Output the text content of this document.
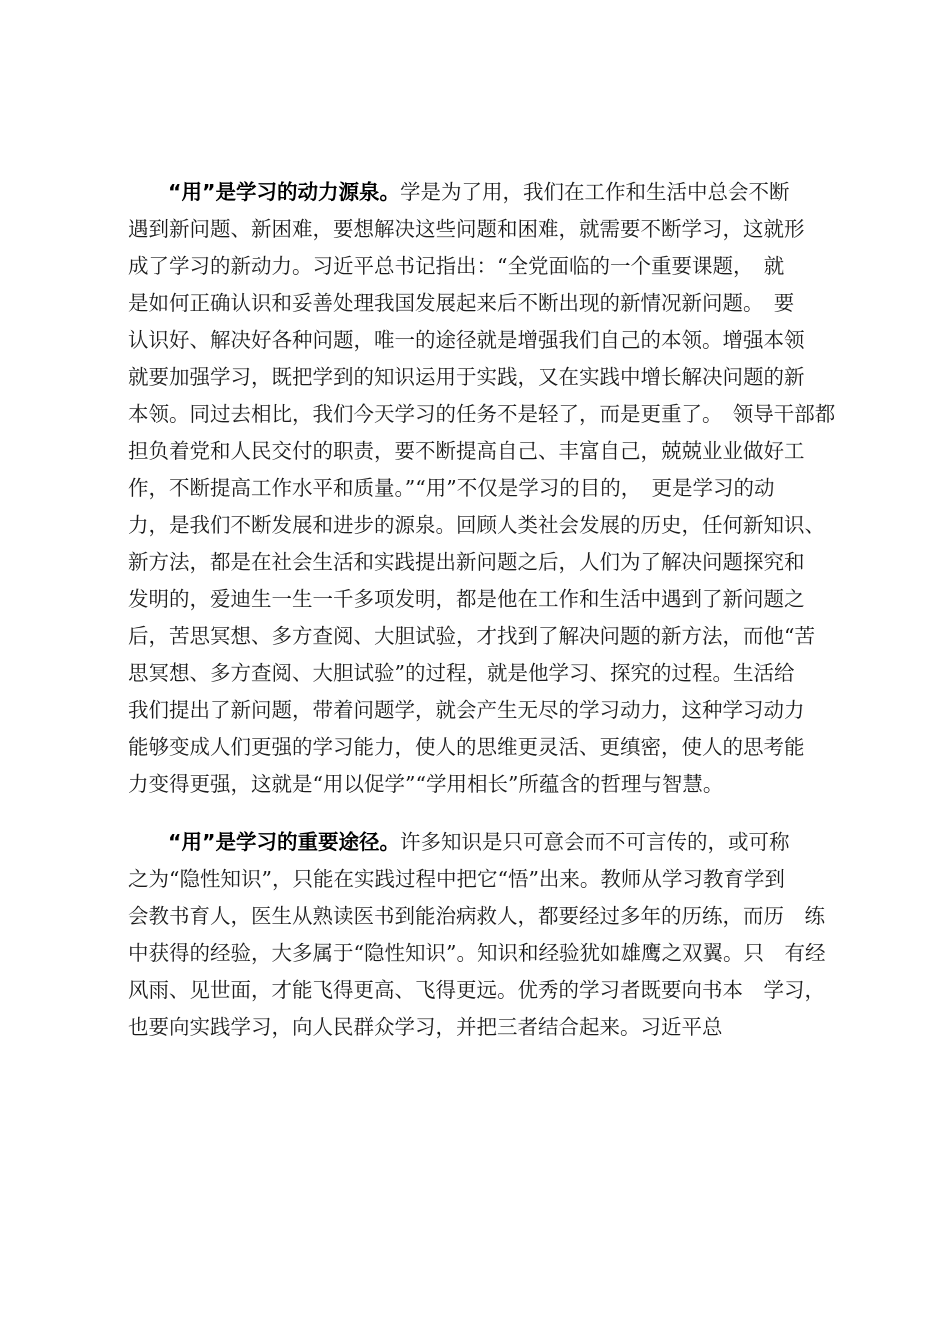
“用”是学习的动力源泉。学是为了用，我们在工作和生活中总会不断
遇到新问题、新困难，要想解决这些问题和困难，就需要不断学习，这就形
成了学习的新动力。习近平总书记指出：“全党面临的一个重要课题，　就
是如何正确认识和妥善处理我国发展起来后不断出现的新情况新问题。　要
认识好、解决好各种问题，唯一的途径就是增强我们自己的本领。增强本领
就要加强学习，既把学到的知识运用于实践，又在实践中增长解决问题的新
本领。同过去相比，我们今天学习的任务不是轻了，而是更重了。　领导干部都
担负着党和人民交付的职责，要不断提高自己、丰富自己，兢兢业业做好工
作，不断提高工作水平和质量。”“用”不仅是学习的目的，　更是学习的动
力，是我们不断发展和进步的源泉。回顾人类社会发展的历史，任何新知识、
新方法，都是在社会生活和实践提出新问题之后，人们为了解决问题探究和
发明的，爱迪生一生一千多项发明，都是他在工作和生活中遇到了新问题之
后，苦思冥想、多方查阅、大胆试验，才找到了解决问题的新方法，而他“苦
思冥想、多方查阅、大胆试验”的过程，就是他学习、探究的过程。生活给
我们提出了新问题，带着问题学，就会产生无尽的学习动力，这种学习动力
能够变成人们更强的学习能力，使人的思维更灵活、更缜密，使人的思考能
力变得更强，这就是“用以促学”“学用相长”所蕴含的哲理与智慧。
“用”是学习的重要途径。许多知识是只可意会而不可言传的，或可称
之为“隐性知识”，只能在实践过程中把它“悟”出来。教师从学习教育学到
会教书育人，医生从熟读医书到能治病救人，都要经过多年的历练，而历　练
中获得的经验，大多属于“隐性知识”。知识和经验犹如雄鹰之双翼。只　有经
风雨、见世面，才能飞得更高、飞得更远。优秀的学习者既要向书本　学习，
也要向实践学习，向人民群众学习，并把三者结合起来。习近平总
